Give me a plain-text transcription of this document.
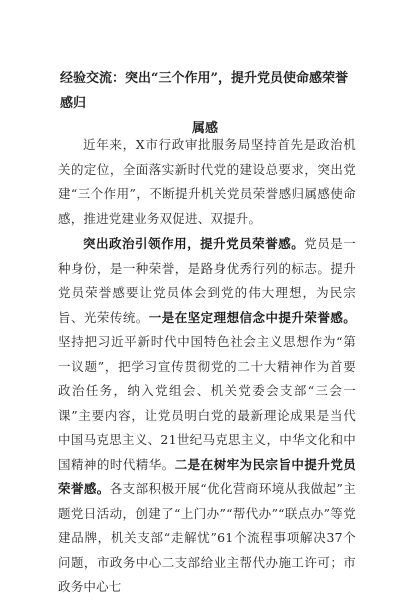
经验交流：突出“三个作用”，提升党员使命感荣誉感归
属感

近年来，X市行政审批服务局坚持首先是政治机关的定位，全面落实新时代党的建设总要求，突出党建“三个作用”，不断提升机关党员荣誉感归属感使命感，推进党建业务双促进、双提升。

突出政治引领作用，提升党员荣誉感。党员是一种身份，是一种荣誉，是路身优秀行列的标志。提升党员荣誉感要让党员体会到党的伟大理想，为民宗旨、光荣传统。一是在坚定理想信念中提升荣誉感。坚持把习近平新时代中国特色社会主义思想作为“第一议题”，把学习宣传贯彻党的二十大精神作为首要政治任务，纳入党组会、机关党委会支部“三会一课”主要内容，让党员明白党的最新理论成果是当代中国马克思主义、21世纪马克思主义，中华文化和中国精神的时代精华。二是在树牢为民宗旨中提升党员荣誉感。各支部积极开展“优化营商环境从我做起”主题党日活动，创建了“上门办”“帮代办”“联点办”等党建品牌，机关支部“走解忧”61个流程事项解决37个问题，市政务中心二支部给业主帮代办施工许可；市政务中心七
